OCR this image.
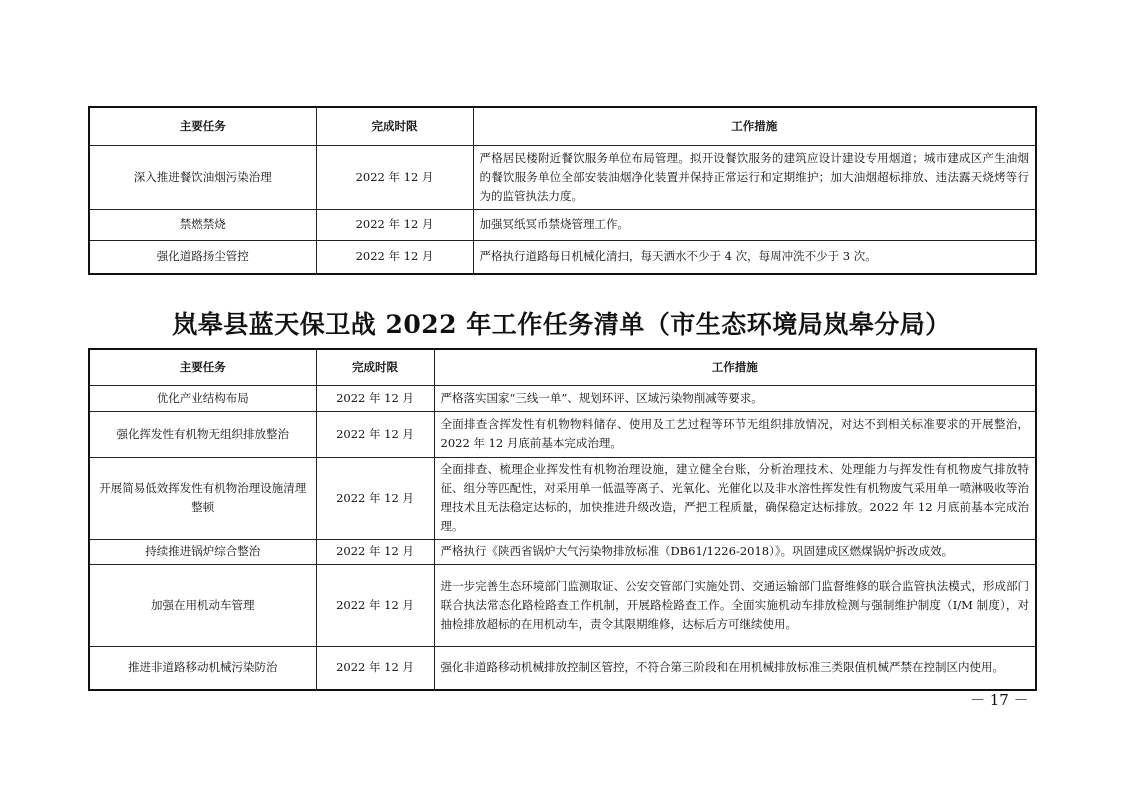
主要任务	完成时限	工作措施
深入推进餐饮油烟污染治理	2022 年 12 月	严格居民楼附近餐饮服务单位布局管理。拟开设餐饮服务的建筑应设计建设专用烟道；城市建成区产生油烟的餐饮服务单位全部安装油烟净化装置并保持正常运行和定期维护；加大油烟超标排放、违法露天烧烤等行为的监管执法力度。
禁燃禁烧	2022 年 12 月	加强冥纸冥币禁烧管理工作。
强化道路扬尘管控	2022 年 12 月	严格执行道路每日机械化清扫，每天洒水不少于 4 次，每周冲洗不少于 3 次。
岚皋县蓝天保卫战 2022 年工作任务清单（市生态环境局岚皋分局）
主要任务	完成时限	工作措施
优化产业结构布局	2022 年 12 月	严格落实国家“三线一单”、规划环评、区域污染物削减等要求。
强化挥发性有机物无组织排放整治	2022 年 12 月	全面排查含挥发性有机物物料储存、使用及工艺过程等环节无组织排放情况，对达不到相关标准要求的开展整治，2022 年 12 月底前基本完成治理。
开展简易低效挥发性有机物治理设施清理整顿	2022 年 12 月	全面排查、梳理企业挥发性有机物治理设施，建立健全台账，分析治理技术、处理能力与挥发性有机物废气排放特征、组分等匹配性，对采用单一低温等离子、光氧化、光催化以及非水溶性挥发性有机物废气采用单一喷淋吸收等治理技术且无法稳定达标的，加快推进升级改造，严把工程质量，确保稳定达标排放。2022 年 12 月底前基本完成治理。
持续推进锅炉综合整治	2022 年 12 月	严格执行《陕西省锅炉大气污染物排放标准（DB61/1226-2018）》。巩固建成区燃煤锅炉拆改成效。
加强在用机动车管理	2022 年 12 月	进一步完善生态环境部门监测取证、公安交管部门实施处罚、交通运输部门监督维修的联合监管执法模式，形成部门联合执法常态化路检路查工作机制，开展路检路查工作。全面实施机动车排放检测与强制维护制度（I/M 制度），对抽检排放超标的在用机动车，责令其限期维修，达标后方可继续使用。
推进非道路移动机械污染防治	2022 年 12 月	强化非道路移动机械排放控制区管控，不符合第三阶段和在用机械排放标准三类限值机械严禁在控制区内使用。
－ 17 －
